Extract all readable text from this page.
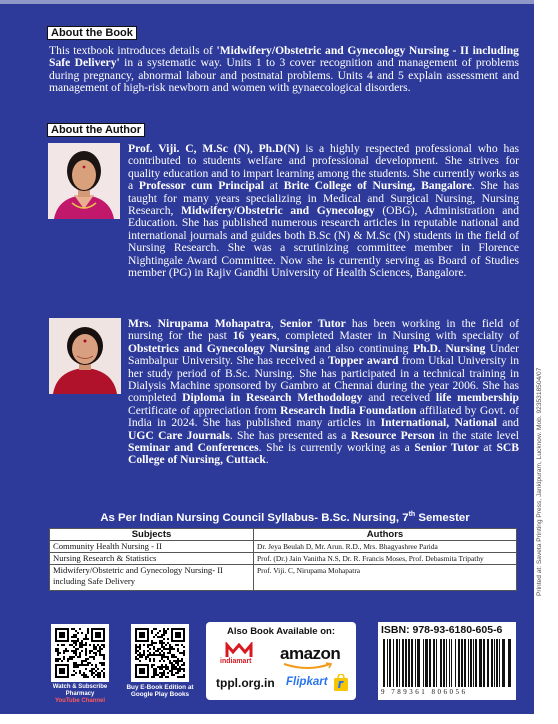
About the Book
This textbook introduces details of 'Midwifery/Obstetric and Gynecology Nursing - II including Safe Delivery' in a systematic way. Units 1 to 3 cover recognition and management of problems during pregnancy, abnormal labour and postnatal problems. Units 4 and 5 explain assessment and management of high-risk newborn and women with gynaecological disorders.
About the Author
Prof. Viji. C, M.Sc (N), Ph.D(N) is a highly respected professional who has contributed to students welfare and professional development. She strives for quality education and to impart learning among the students. She currently works as a Professor cum Principal at Brite College of Nursing, Bangalore. She has taught for many years specializing in Medical and Surgical Nursing, Nursing Research, Midwifery/Obstetric and Gynecology (OBG), Administration and Education. She has published numerous research articles in reputable national and international journals and guides both B.Sc (N) & M.Sc (N) students in the field of Nursing Research. She was a scrutinizing committee member in Florence Nightingale Award Committee. Now she is currently serving as Board of Studies member (PG) in Rajiv Gandhi University of Health Sciences, Bangalore.
Mrs. Nirupama Mohapatra, Senior Tutor has been working in the field of nursing for the past 16 years, completed Master in Nursing with specialty of Obstetrics and Gynecology Nursing and also continuing Ph.D. Nursing Under Sambalpur University. She has received a Topper award from Utkal University in her study period of B.Sc. Nursing. She has participated in a technical training in Dialysis Machine sponsored by Gambro at Chennai during the year 2006. She has completed Diploma in Research Methodology and received life membership Certificate of appreciation from Research India Foundation affiliated by Govt. of India in 2024. She has published many articles in International, National and UGC Care Journals. She has presented as a Resource Person in the state level Seminar and Conferences. She is currently working as a Senior Tutor at SCB College of Nursing, Cuttack.
As Per Indian Nursing Council Syllabus- B.Sc. Nursing, 7th Semester
Subjects	Authors
Community Health Nursing - II	Dr. Jeya Beulah D, Mr. Arun. R.D., Mrs. Bhagyashree Parida
Nursing Research & Statistics	Prof. (Dr.) Jain Vanitha N.S, Dr. R. Francis Moses, Prof. Debasmita Tripathy
Midwifery/Obstetric and Gynecology Nursing- II including Safe Delivery	Prof. Viji. C, Nirupama Mohapatra
Watch & Subscribe
Pharmacy
YouTube Channel
Buy E-Book Edition at
Google Play Books
Also Book Available on:
indiamart amazon
tppl.org.in Flipkart
ISBN: 978-93-6180-605-6
9 789361 806056
Printed at: Saveta Printing Press, Jankipuram, Lucknow. Mob. 9235318504/07
